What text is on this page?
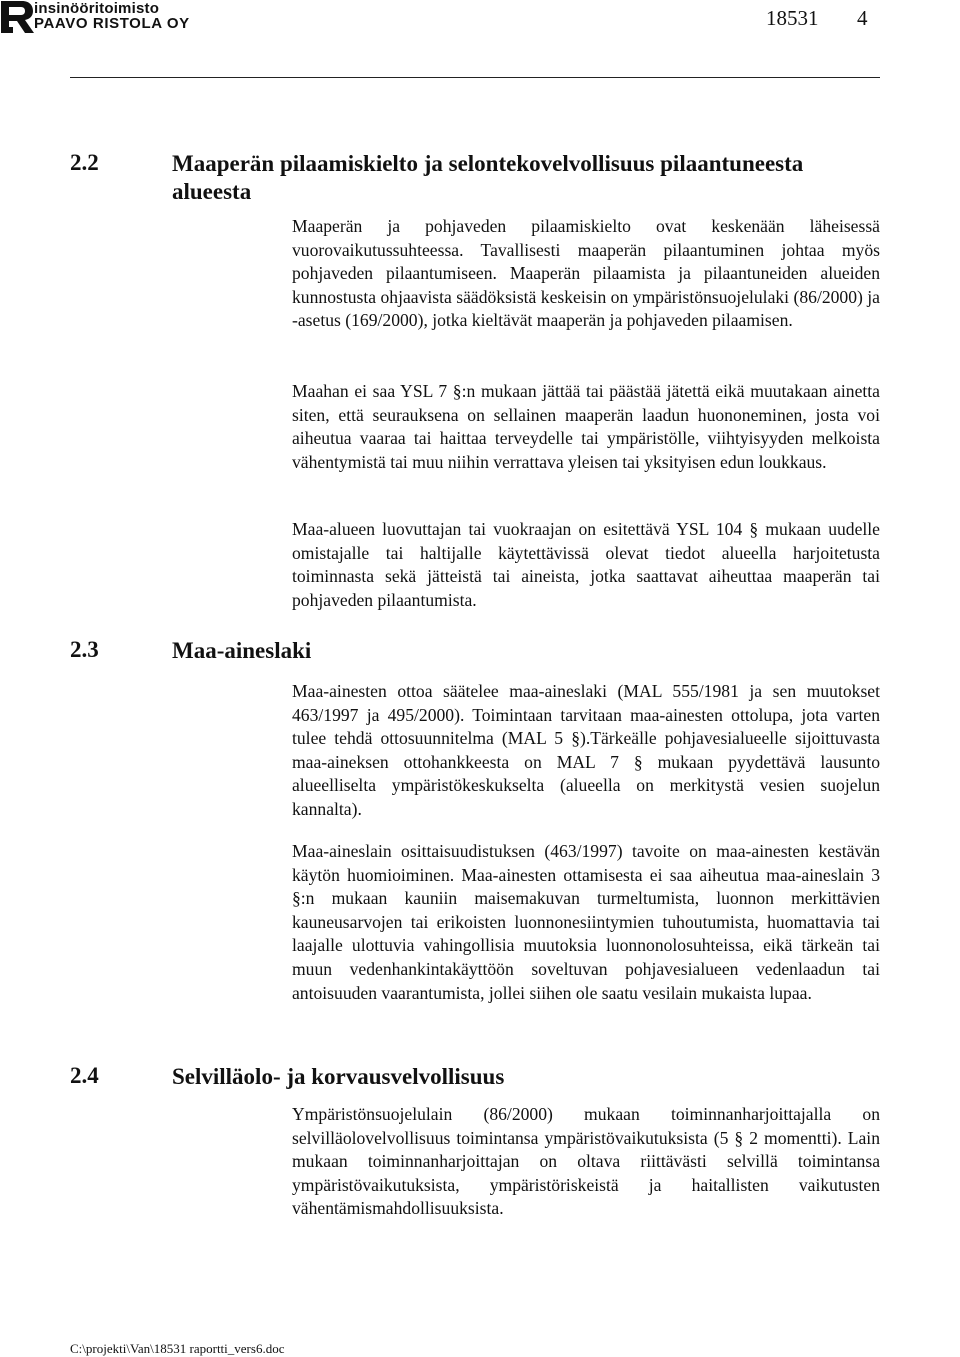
insinööritoimisto
PAAVO RISTOLA OY	18531 4
2.2	Maaperän pilaamiskielto ja selontekovelvollisuus pilaantuneesta alueesta

Maaperän ja pohjaveden pilaamiskielto ovat keskenään läheisessä vuorovaikutussuhteessa. Tavallisesti maaperän pilaantuminen johtaa myös pohjaveden pilaantumiseen. Maaperän pilaamista ja pilaantuneiden alueiden kunnostusta ohjaavista säädöksistä keskeisin on ympäristönsuojelulaki (86/2000) ja -asetus (169/2000), jotka kieltävät maaperän ja pohjaveden pilaamisen.

Maahan ei saa YSL 7 §:n mukaan jättää tai päästää jätettä eikä muutakaan ainetta siten, että seurauksena on sellainen maaperän laadun huononeminen, josta voi aiheutua vaaraa tai haittaa terveydelle tai ympäristölle, viihtyisyyden melkoista vähentymistä tai muu niihin verrattava yleisen tai yksityisen edun loukkaus.

Maa-alueen luovuttajan tai vuokraajan on esitettävä YSL 104 § mukaan uudelle omistajalle tai haltijalle käytettävissä olevat tiedot alueella harjoitetusta toiminnasta sekä jätteistä tai aineista, jotka saattavat aiheuttaa maaperän tai pohjaveden pilaantumista.

2.3	Maa-aineslaki

Maa-ainesten ottoa säätelee maa-aineslaki (MAL 555/1981 ja sen muutokset 463/1997 ja 495/2000). Toimintaan tarvitaan maa-ainesten ottolupa, jota varten tulee tehdä ottosuunnitelma (MAL 5 §).Tärkeälle pohjavesialueelle sijoittuvasta maa-aineksen ottohankkeesta on MAL 7 § mukaan pyydettävä lausunto alueelliselta ympäristökeskukselta (alueella on merkitystä vesien suojelun kannalta).

Maa-aineslain osittaisuudistuksen (463/1997) tavoite on maa-ainesten kestävän käytön huomioiminen. Maa-ainesten ottamisesta ei saa aiheutua maa-aineslain 3 §:n mukaan kauniin maisemakuvan turmeltumista, luonnon merkittävien kauneusarvojen tai erikoisten luonnonesiintymien tuhoutumista, huomattavia tai laajalle ulottuvia vahingollisia muutoksia luonnonolosuhteissa, eikä tärkeän tai muun vedenhankintakäyttöön soveltuvan pohjavesialueen vedenlaadun tai antoisuuden vaarantumista, jollei siihen ole saatu vesilain mukaista lupaa.

2.4	Selvilläolo- ja korvausvelvollisuus

Ympäristönsuojelulain (86/2000) mukaan toiminnanharjoittajalla on selvilläolovelvollisuus toimintansa ympäristövaikutuksista (5 § 2 momentti). Lain mukaan toiminnanharjoittajan on oltava riittävästi selvillä toimintansa ympäristövaikutuksista, ympäristöriskeistä ja haitallisten vaikutusten vähentämismahdollisuuksista.

C:\projekti\Van\18531 raportti_vers6.doc
